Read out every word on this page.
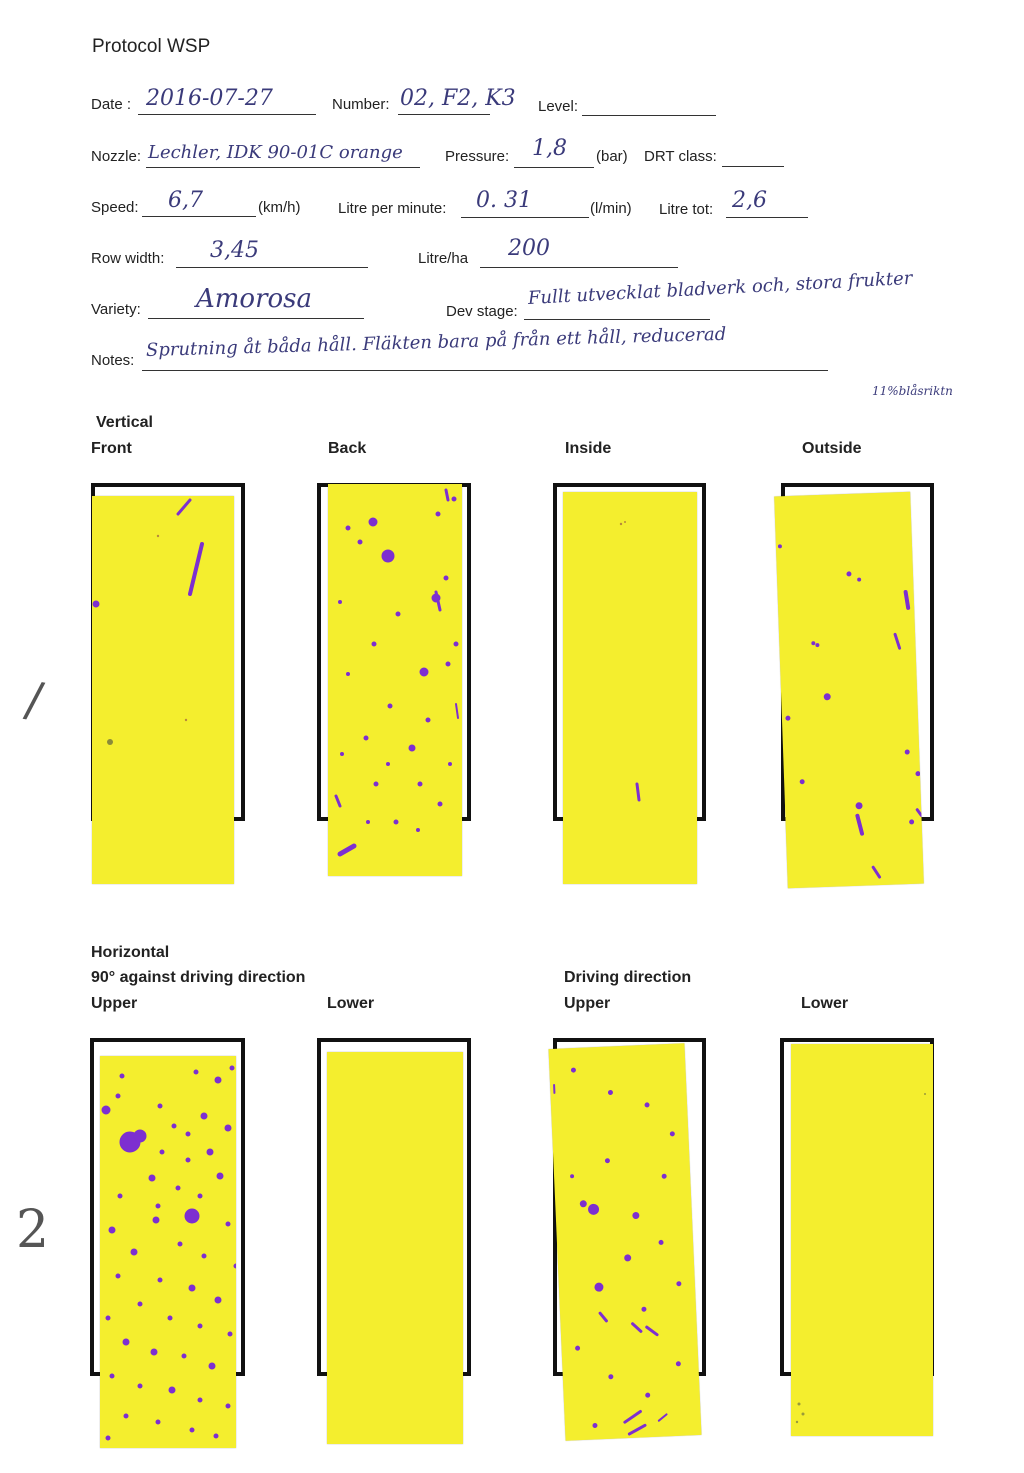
Protocol WSP
Date : 2016-07-27	Number: 02, F2, K3 Level:
Nozzle: Lechler, IDK 90-01C orange	Pressure: 1,8 (bar) DRT class:
Speed: 6,7	(km/h)	Litre per minute: 0. 31	(l/min) Litre tot: 2,6
Row width: 3,45	Litre/ha 200
Variety: Amorosa	Dev stage:
Fullt utvecklat bladverk och, stora frukter
Notes: Sprutning åt båda håll. Fläkten bara på från ett håll, reducerad
11%blåsriktn
Vertical
Front	Back	Inside	Outside
Horizontal
90° against driving direction	Driving direction
Upper	Lower	Upper	Lower
/
2
